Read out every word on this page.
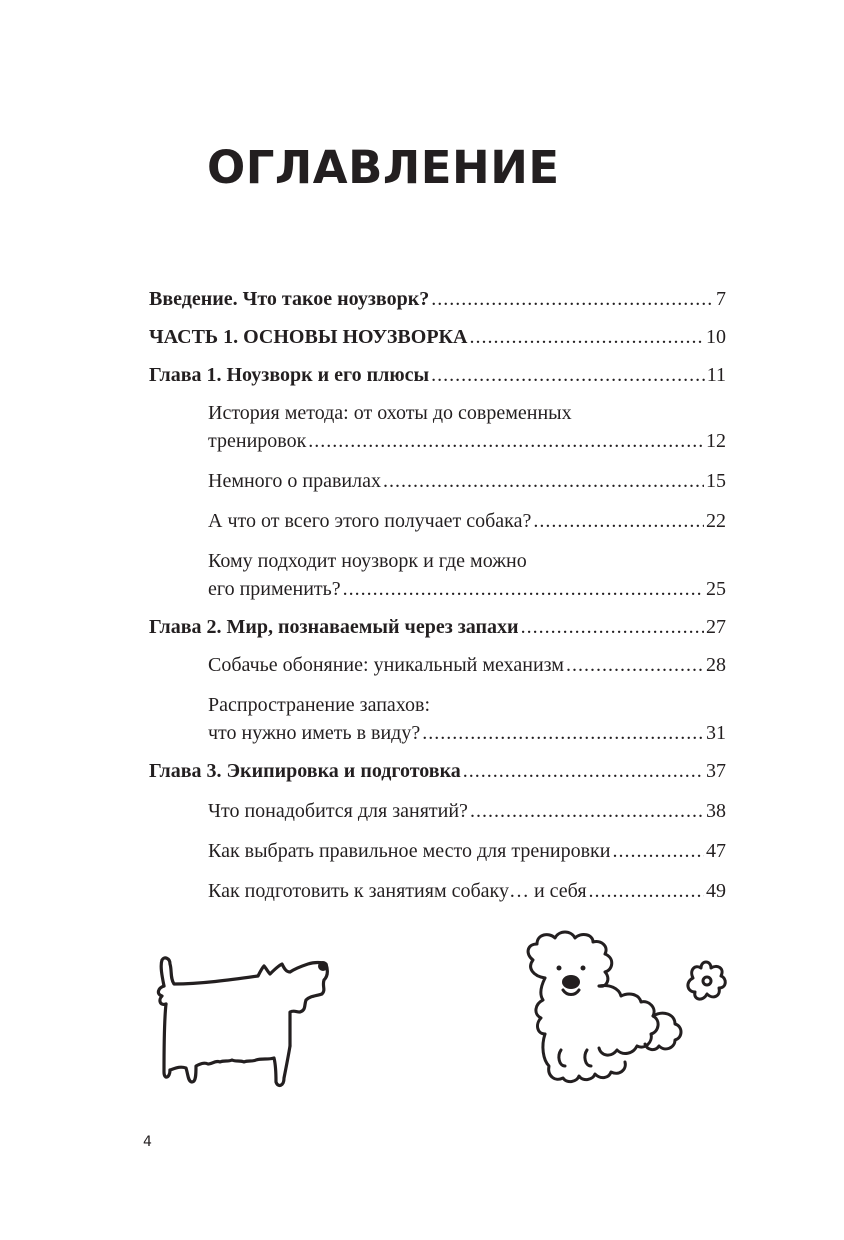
ОГЛАВЛЕНИЕ
Введение. Что такое ноузворк? .....	7
ЧАСТЬ 1. ОСНОВЫ НОУЗВОРКА .....	10
Глава 1. Ноузворк и его плюсы .....	11
История метода: от охоты до современных
тренировок .....	12
Немного о правилах .....	15
А что от всего этого получает собака? .....	22
Кому подходит ноузворк и где можно
его применить? .....	25
Глава 2. Мир, познаваемый через запахи .....	27
Собачье обоняние: уникальный механизм .....	28
Распространение запахов:
что нужно иметь в виду? .....	31
Глава 3. Экипировка и подготовка .....	37
Что понадобится для занятий? .....	38
Как выбрать правильное место для тренировки .....	47
Как подготовить к занятиям собаку… и себя .....	49
4
